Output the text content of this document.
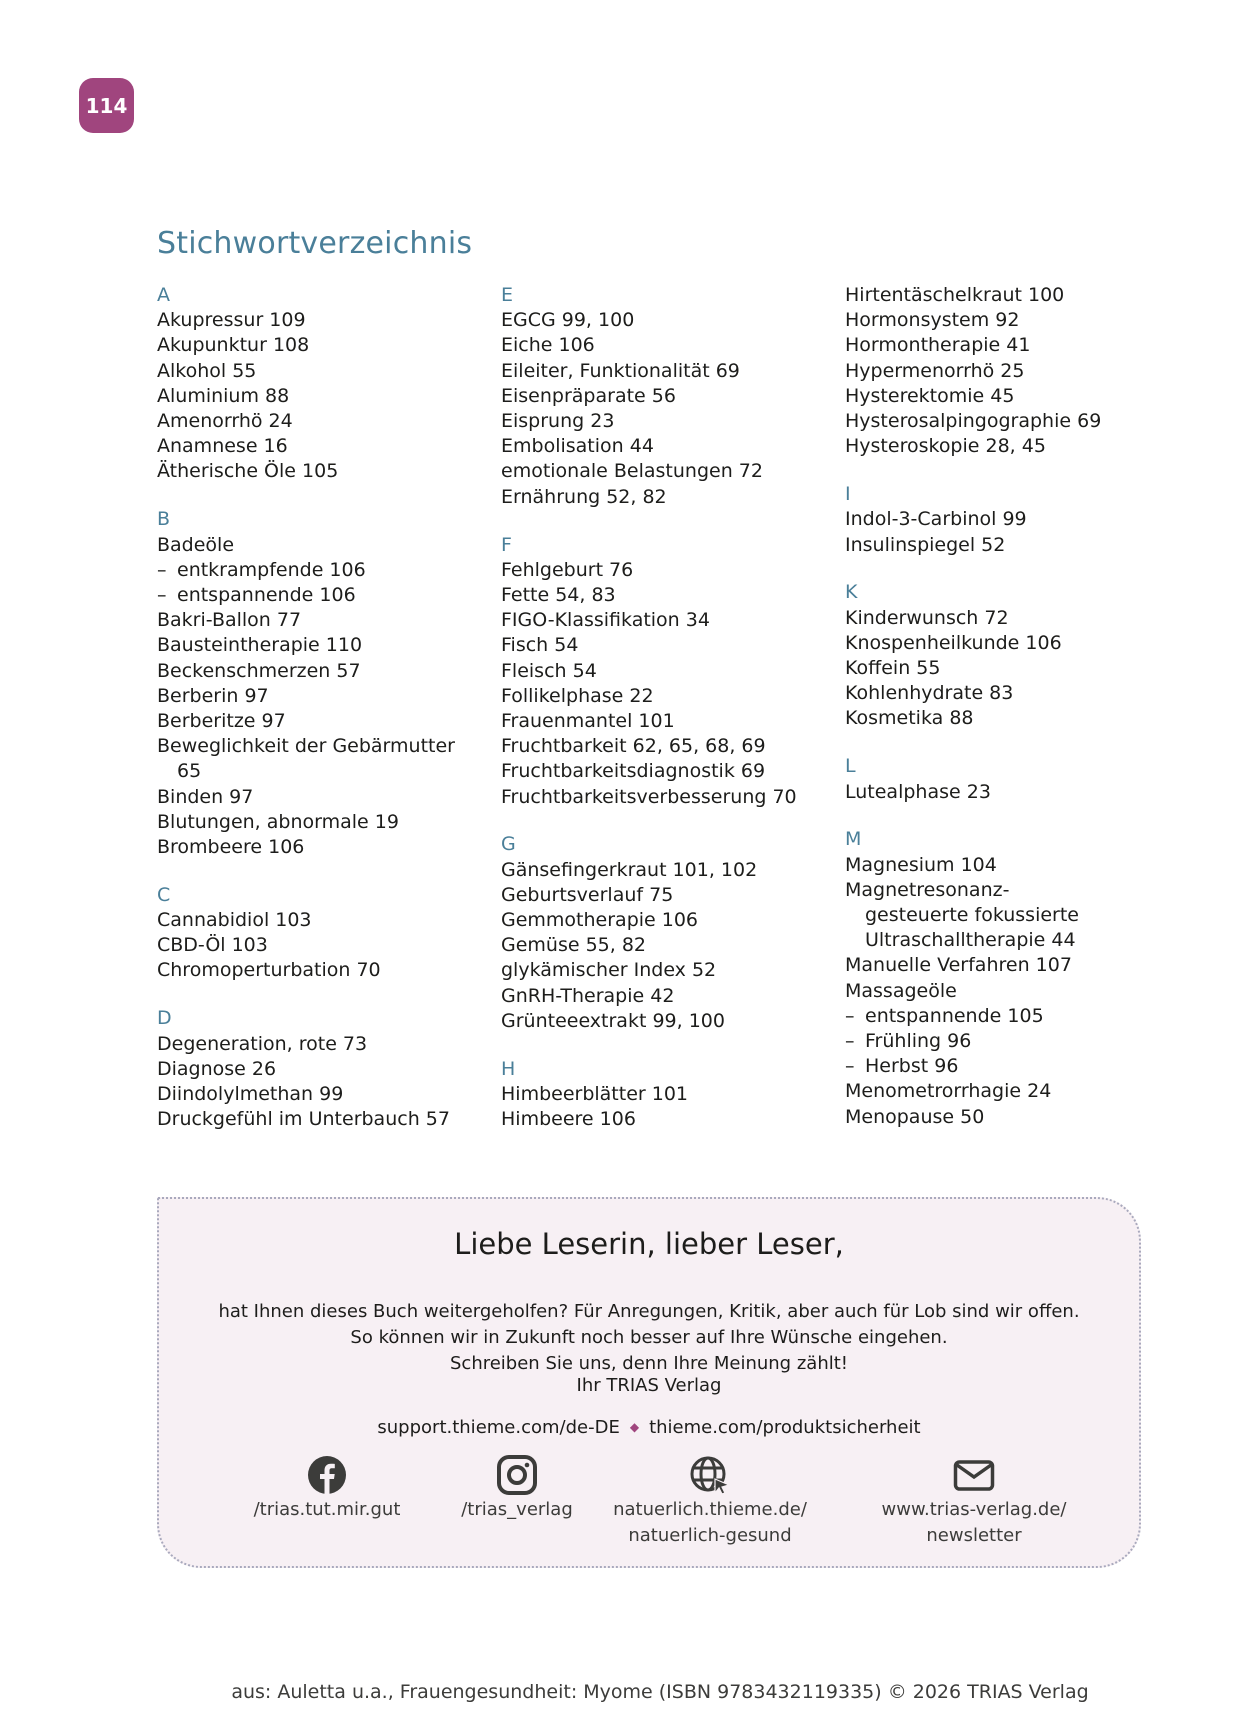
114
Stichwortverzeichnis
A
Akupressur 109
Akupunktur 108
Alkohol 55
Aluminium 88
Amenorrhö 24
Anamnese 16
Ätherische Öle 105
B
Badeöle
– entkrampfende 106
– entspannende 106
Bakri-Ballon 77
Bausteintherapie 110
Beckenschmerzen 57
Berberin 97
Berberitze 97
Beweglichkeit der Gebärmutter
65
Binden 97
Blutungen, abnormale 19
Brombeere 106
C
Cannabidiol 103
CBD-Öl 103
Chromoperturbation 70
D
Degeneration, rote 73
Diagnose 26
Diindolylmethan 99
Druckgefühl im Unterbauch 57
E
EGCG 99, 100
Eiche 106
Eileiter, Funktionalität 69
Eisenpräparate 56
Eisprung 23
Embolisation 44
emotionale Belastungen 72
Ernährung 52, 82
F
Fehlgeburt 76
Fette 54, 83
FIGO-Klassifikation 34
Fisch 54
Fleisch 54
Follikelphase 22
Frauenmantel 101
Fruchtbarkeit 62, 65, 68, 69
Fruchtbarkeitsdiagnostik 69
Fruchtbarkeitsverbesserung 70
G
Gänsefingerkraut 101, 102
Geburtsverlauf 75
Gemmotherapie 106
Gemüse 55, 82
glykämischer Index 52
GnRH-Therapie 42
Grünteeextrakt 99, 100
H
Himbeerblätter 101
Himbeere 106
Hirtentäschelkraut 100
Hormonsystem 92
Hormontherapie 41
Hypermenorrhö 25
Hysterektomie 45
Hysterosalpingographie 69
Hysteroskopie 28, 45
I
Indol-3-Carbinol 99
Insulinspiegel 52
K
Kinderwunsch 72
Knospenheilkunde 106
Koffein 55
Kohlenhydrate 83
Kosmetika 88
L
Lutealphase 23
M
Magnesium 104
Magnetresonanz-
gesteuerte fokussierte
Ultraschalltherapie 44
Manuelle Verfahren 107
Massageöle
– entspannende 105
– Frühling 96
– Herbst 96
Menometrorrhagie 24
Menopause 50
Liebe Leserin, lieber Leser,
hat Ihnen dieses Buch weitergeholfen? Für Anregungen, Kritik, aber auch für Lob sind wir offen.
So können wir in Zukunft noch besser auf Ihre Wünsche eingehen.
Schreiben Sie uns, denn Ihre Meinung zählt!
Ihr TRIAS Verlag
support.thieme.com/de-DE ◆ thieme.com/produktsicherheit
/trias.tut.mir.gut	/trias_verlag	natuerlich.thieme.de/
natuerlich-gesund
www.trias-verlag.de/
newsletter
aus: Auletta u.a., Frauengesundheit: Myome (ISBN 9783432119335) © 2026 TRIAS Verlag
